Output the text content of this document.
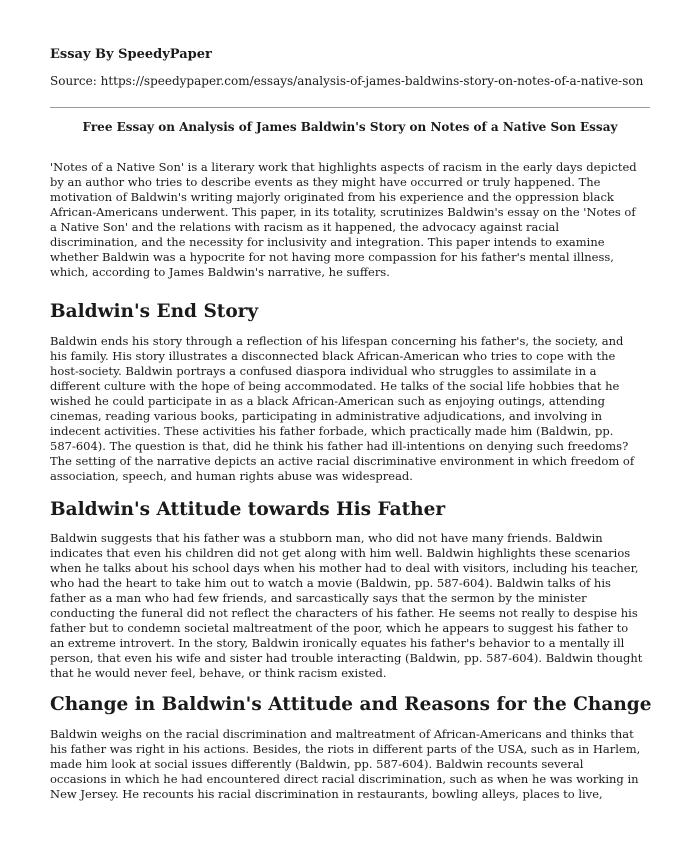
Essay By SpeedyPaper
Source: https://speedypaper.com/essays/analysis-of-james-baldwins-story-on-notes-of-a-native-son
Free Essay on Analysis of James Baldwin's Story on Notes of a Native Son Essay
'Notes of a Native Son' is a literary work that highlights aspects of racism in the early days depicted
by an author who tries to describe events as they might have occurred or truly happened. The
motivation of Baldwin's writing majorly originated from his experience and the oppression black
African-Americans underwent. This paper, in its totality, scrutinizes Baldwin's essay on the 'Notes of
a Native Son' and the relations with racism as it happened, the advocacy against racial
discrimination, and the necessity for inclusivity and integration. This paper intends to examine
whether Baldwin was a hypocrite for not having more compassion for his father's mental illness,
which, according to James Baldwin's narrative, he suffers.
Baldwin's End Story
Baldwin ends his story through a reflection of his lifespan concerning his father's, the society, and
his family. His story illustrates a disconnected black African-American who tries to cope with the
host-society. Baldwin portrays a confused diaspora individual who struggles to assimilate in a
different culture with the hope of being accommodated. He talks of the social life hobbies that he
wished he could participate in as a black African-American such as enjoying outings, attending
cinemas, reading various books, participating in administrative adjudications, and involving in
indecent activities. These activities his father forbade, which practically made him (Baldwin, pp.
587-604). The question is that, did he think his father had ill-intentions on denying such freedoms?
The setting of the narrative depicts an active racial discriminative environment in which freedom of
association, speech, and human rights abuse was widespread.
Baldwin's Attitude towards His Father
Baldwin suggests that his father was a stubborn man, who did not have many friends. Baldwin
indicates that even his children did not get along with him well. Baldwin highlights these scenarios
when he talks about his school days when his mother had to deal with visitors, including his teacher,
who had the heart to take him out to watch a movie (Baldwin, pp. 587-604). Baldwin talks of his
father as a man who had few friends, and sarcastically says that the sermon by the minister
conducting the funeral did not reflect the characters of his father. He seems not really to despise his
father but to condemn societal maltreatment of the poor, which he appears to suggest his father to
an extreme introvert. In the story, Baldwin ironically equates his father's behavior to a mentally ill
person, that even his wife and sister had trouble interacting (Baldwin, pp. 587-604). Baldwin thought
that he would never feel, behave, or think racism existed.
Change in Baldwin's Attitude and Reasons for the Change
Baldwin weighs on the racial discrimination and maltreatment of African-Americans and thinks that
his father was right in his actions. Besides, the riots in different parts of the USA, such as in Harlem,
made him look at social issues differently (Baldwin, pp. 587-604). Baldwin recounts several
occasions in which he had encountered direct racial discrimination, such as when he was working in
New Jersey. He recounts his racial discrimination in restaurants, bowling alleys, places to live,
